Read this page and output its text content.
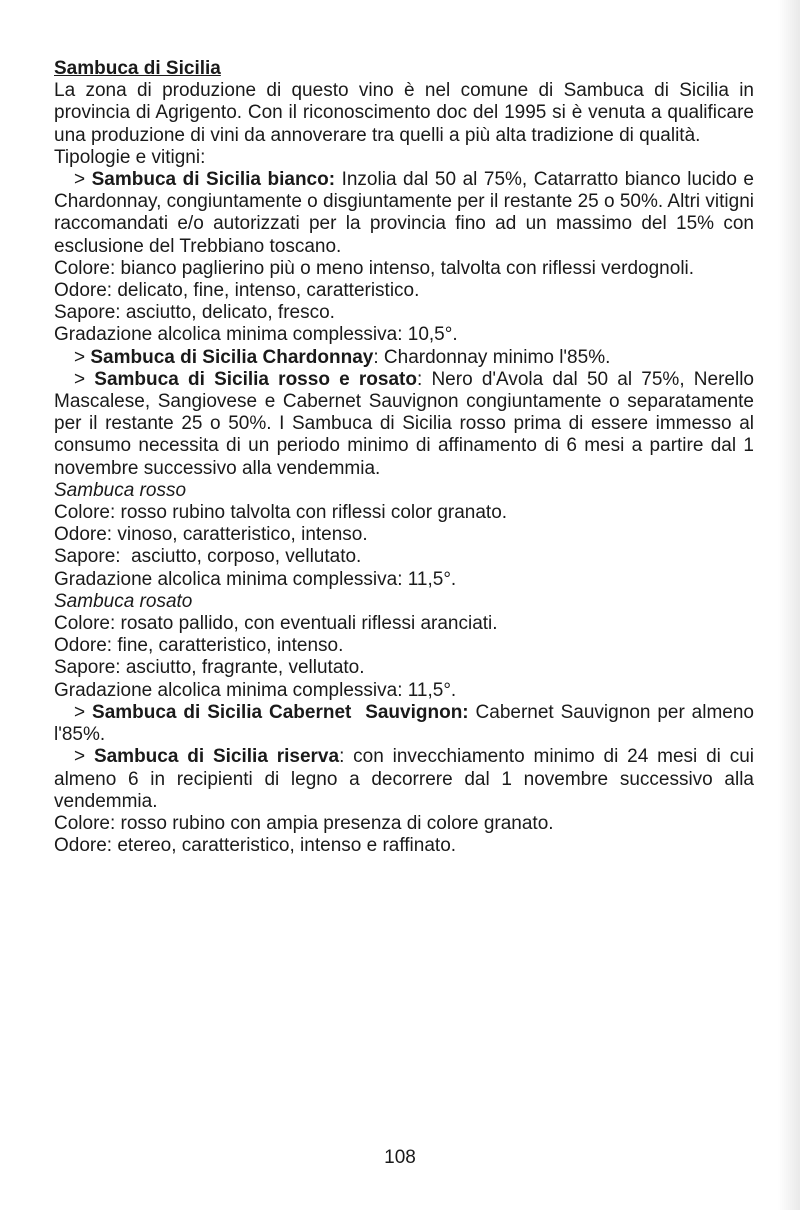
Sambuca di Sicilia

La zona di produzione di questo vino è nel comune di Sambuca di Sicilia in provincia di Agrigento. Con il riconoscimento doc del 1995 si è venuta a qualificare una produzione di vini da annoverare tra quelli a più alta tradizione di qualità.

Tipologie e vitigni:

> Sambuca di Sicilia bianco: Inzolia dal 50 al 75%, Catarratto bianco lucido e Chardonnay, congiuntamente o disgiuntamente per il restante 25 o 50%. Altri vitigni raccomandati e/o autorizzati per la provincia fino ad un massimo del 15% con esclusione del Trebbiano toscano.

Colore: bianco paglierino più o meno intenso, talvolta con riflessi verdognoli.

Odore: delicato, fine, intenso, caratteristico.

Sapore: asciutto, delicato, fresco.

Gradazione alcolica minima complessiva: 10,5°.

> Sambuca di Sicilia Chardonnay: Chardonnay minimo l'85%.

> Sambuca di Sicilia rosso e rosato: Nero d'Avola dal 50 al 75%, Nerello Mascalese, Sangiovese e Cabernet Sauvignon congiuntamente o separatamente per il restante 25 o 50%. I Sambuca di Sicilia rosso prima di essere immesso al consumo necessita di un periodo minimo di affinamento di 6 mesi a partire dal 1 novembre successivo alla vendemmia.

Sambuca rosso

Colore: rosso rubino talvolta con riflessi color granato.

Odore: vinoso, caratteristico, intenso.

Sapore:  asciutto, corposo, vellutato.

Gradazione alcolica minima complessiva: 11,5°.

Sambuca rosato

Colore: rosato pallido, con eventuali riflessi aranciati.

Odore: fine, caratteristico, intenso.

Sapore: asciutto, fragrante, vellutato.

Gradazione alcolica minima complessiva: 11,5°.

> Sambuca di Sicilia Cabernet  Sauvignon: Cabernet Sauvignon per almeno l'85%.

> Sambuca di Sicilia riserva: con invecchiamento minimo di 24 mesi di cui almeno 6 in recipienti di legno a decorrere dal 1 novembre successivo alla vendemmia.

Colore: rosso rubino con ampia presenza di colore granato.

Odore: etereo, caratteristico, intenso e raffinato.

108
